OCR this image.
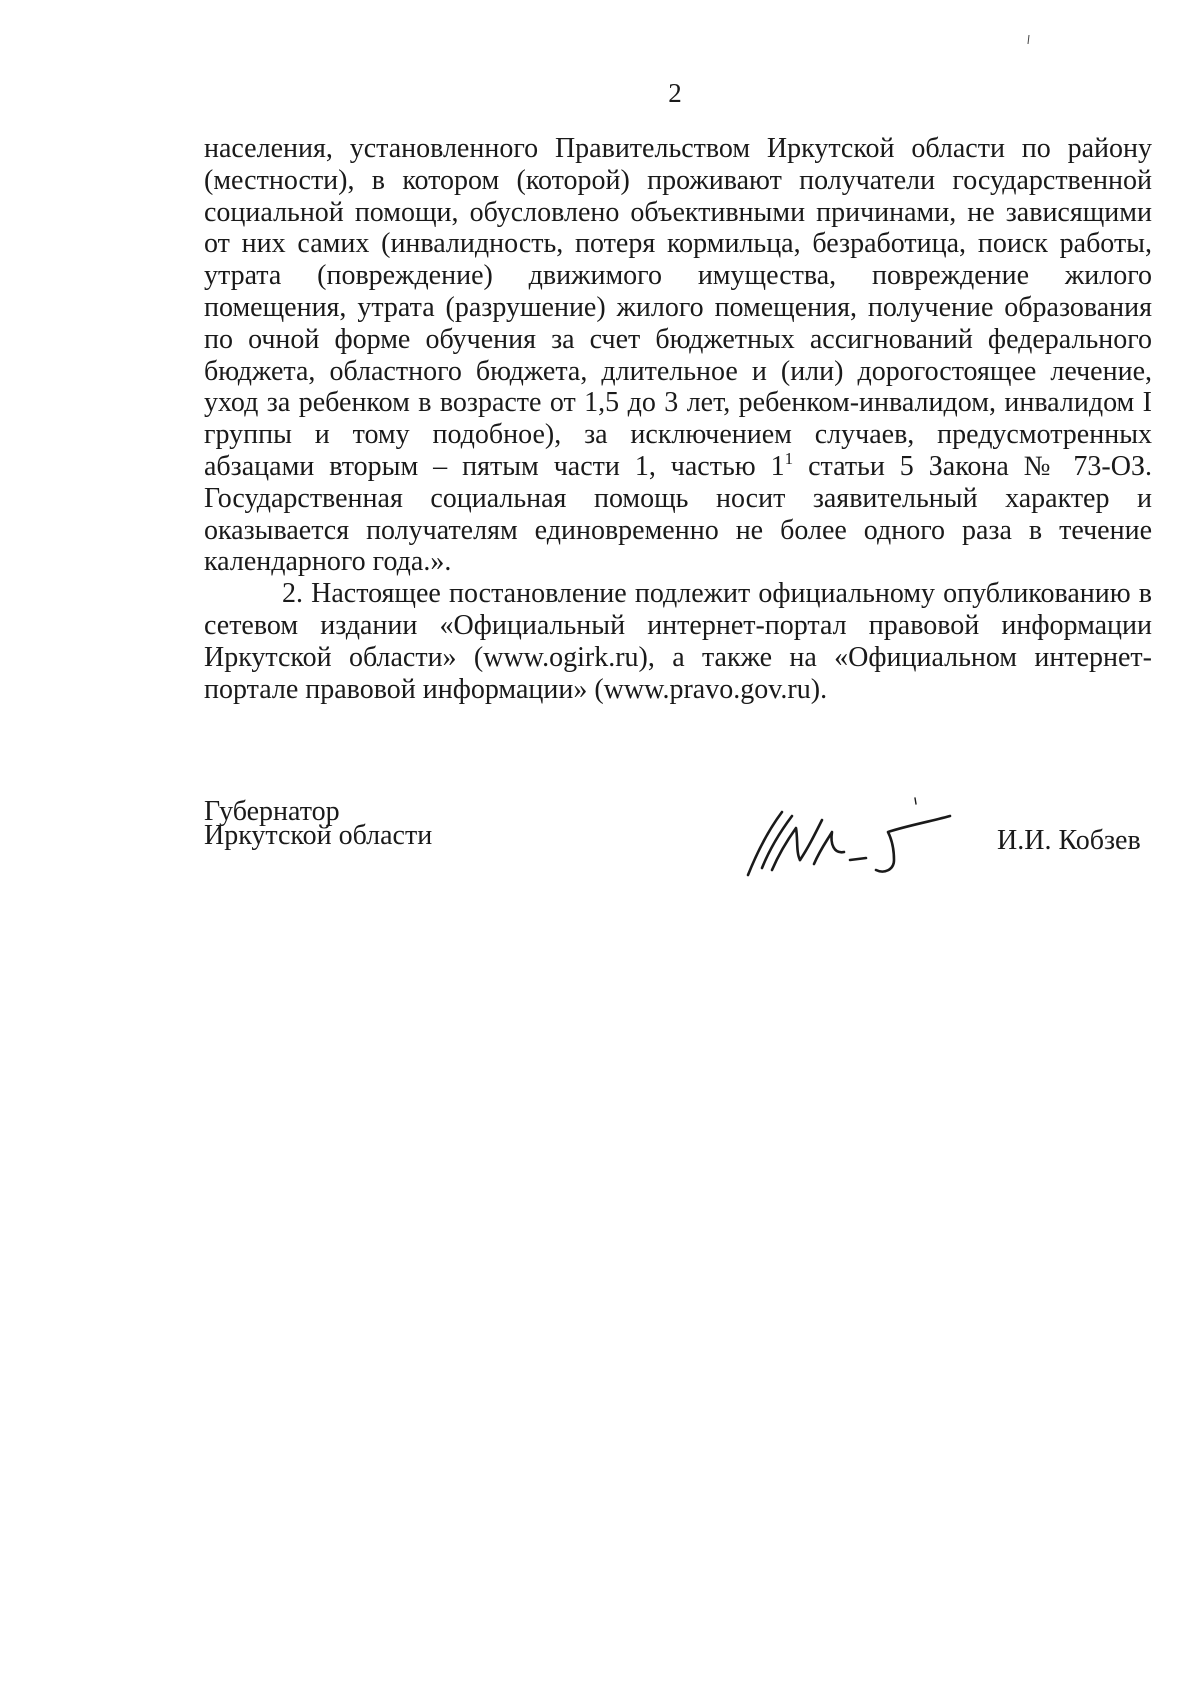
2

населения, установленного Правительством Иркутской области по району (местности), в котором (которой) проживают получатели государственной социальной помощи, обусловлено объективными причинами, не зависящими от них самих (инвалидность, потеря кормильца, безработица, поиск работы, утрата (повреждение) движимого имущества, повреждение жилого помещения, утрата (разрушение) жилого помещения, получение образования по очной форме обучения за счет бюджетных ассигнований федерального бюджета, областного бюджета, длительное и (или) дорогостоящее лечение, уход за ребенком в возрасте от 1,5 до 3 лет, ребенком-инвалидом, инвалидом I группы и тому подобное), за исключением случаев, предусмотренных абзацами вторым – пятым части 1, частью $1^1$ статьи 5 Закона № 73-ОЗ. Государственная социальная помощь носит заявительный характер и оказывается получателям единовременно не более одного раза в течение календарного года.».

2. Настоящее постановление подлежит официальному опубликованию в сетевом издании «Официальный интернет-портал правовой информации Иркутской области» (www.ogirk.ru), а также на «Официальном интернет-портале правовой информации» (www.pravo.gov.ru).

Губернатор
Иркутской области	И.И. Кобзев
